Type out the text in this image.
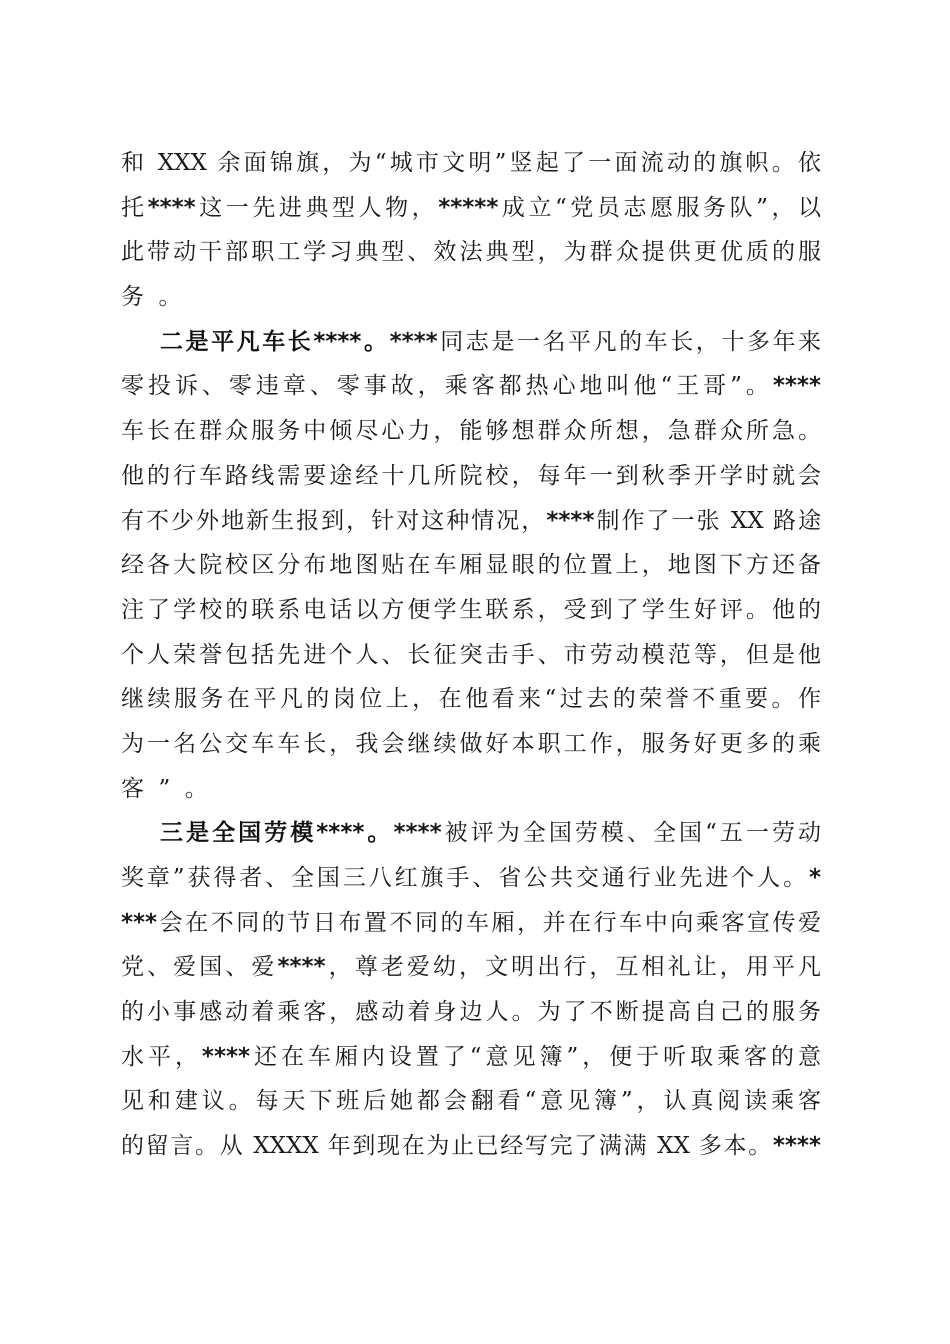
和 XXX 余面锦旗，为“城市文明”竖起了一面流动的旗帜。依
托****这一先进典型人物，*****成立“党员志愿服务队”，以
此带动干部职工学习典型、效法典型，为群众提供更优质的服
务。
二是平凡车长****。****同志是一名平凡的车长，十多年来
零投诉、零违章、零事故，乘客都热心地叫他“王哥”。****
车长在群众服务中倾尽心力，能够想群众所想，急群众所急。
他的行车路线需要途经十几所院校，每年一到秋季开学时就会
有不少外地新生报到，针对这种情况，****制作了一张 XX 路途
经各大院校区分布地图贴在车厢显眼的位置上，地图下方还备
注了学校的联系电话以方便学生联系，受到了学生好评。他的
个人荣誉包括先进个人、长征突击手、市劳动模范等，但是他
继续服务在平凡的岗位上，在他看来“过去的荣誉不重要。作
为一名公交车车长，我会继续做好本职工作，服务好更多的乘
客”。
三是全国劳模****。****被评为全国劳模、全国“五一劳动
奖章”获得者、全国三八红旗手、省公共交通行业先进个人。*
***会在不同的节日布置不同的车厢，并在行车中向乘客宣传爱
党、爱国、爱****，尊老爱幼，文明出行，互相礼让，用平凡
的小事感动着乘客，感动着身边人。为了不断提高自己的服务
水平，****还在车厢内设置了“意见簿”，便于听取乘客的意
见和建议。每天下班后她都会翻看“意见簿”，认真阅读乘客
的留言。从 XXXX 年到现在为止已经写完了满满 XX 多本。****
